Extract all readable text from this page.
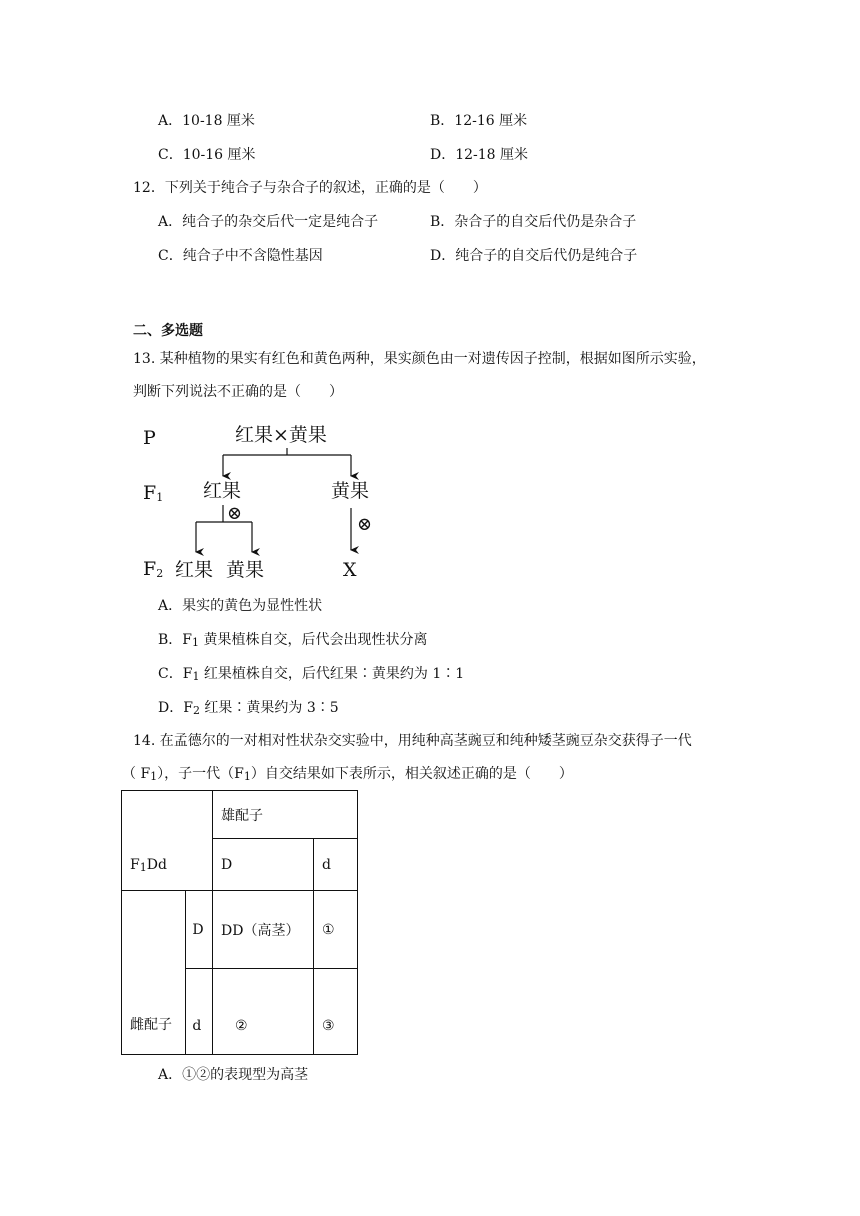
A．10-18 厘米	B．12-16 厘米
C．10-16 厘米	D．12-18 厘米
12．下列关于纯合子与杂合子的叙述，正确的是（　　）
A．纯合子的杂交后代一定是纯合子	B．杂合子的自交后代仍是杂合子
C．纯合子中不含隐性基因	D．纯合子的自交后代仍是纯合子
二、多选题
13. 某种植物的果实有红色和黄色两种，果实颜色由一对遗传因子控制，根据如图所示实验，
判断下列说法不正确的是（　　）
P	红果×黄果
$F_1$ 红果	黄果
⊗
⊗
$F_2$ 红果 黄果	X
A．果实的黄色为显性性状
B．$F_1$ 黄果植株自交，后代会出现性状分离
C．$F_1$ 红果植株自交，后代红果∶黄果约为 1∶1
D．$F_2$ 红果∶黄果约为 3∶5
14. 在孟德尔的一对相对性状杂交实验中，用纯种高茎豌豆和纯种矮茎豌豆杂交获得子一代
（ $F_1$），子一代$(F_1)$自交结果如下表所示，相关叙述正确的是（　　）
$F_1Dd$		雄配子	
		D	d
雌配子	D	DD（高茎）	①
	d	②	③
A．①②的表现型为高茎
